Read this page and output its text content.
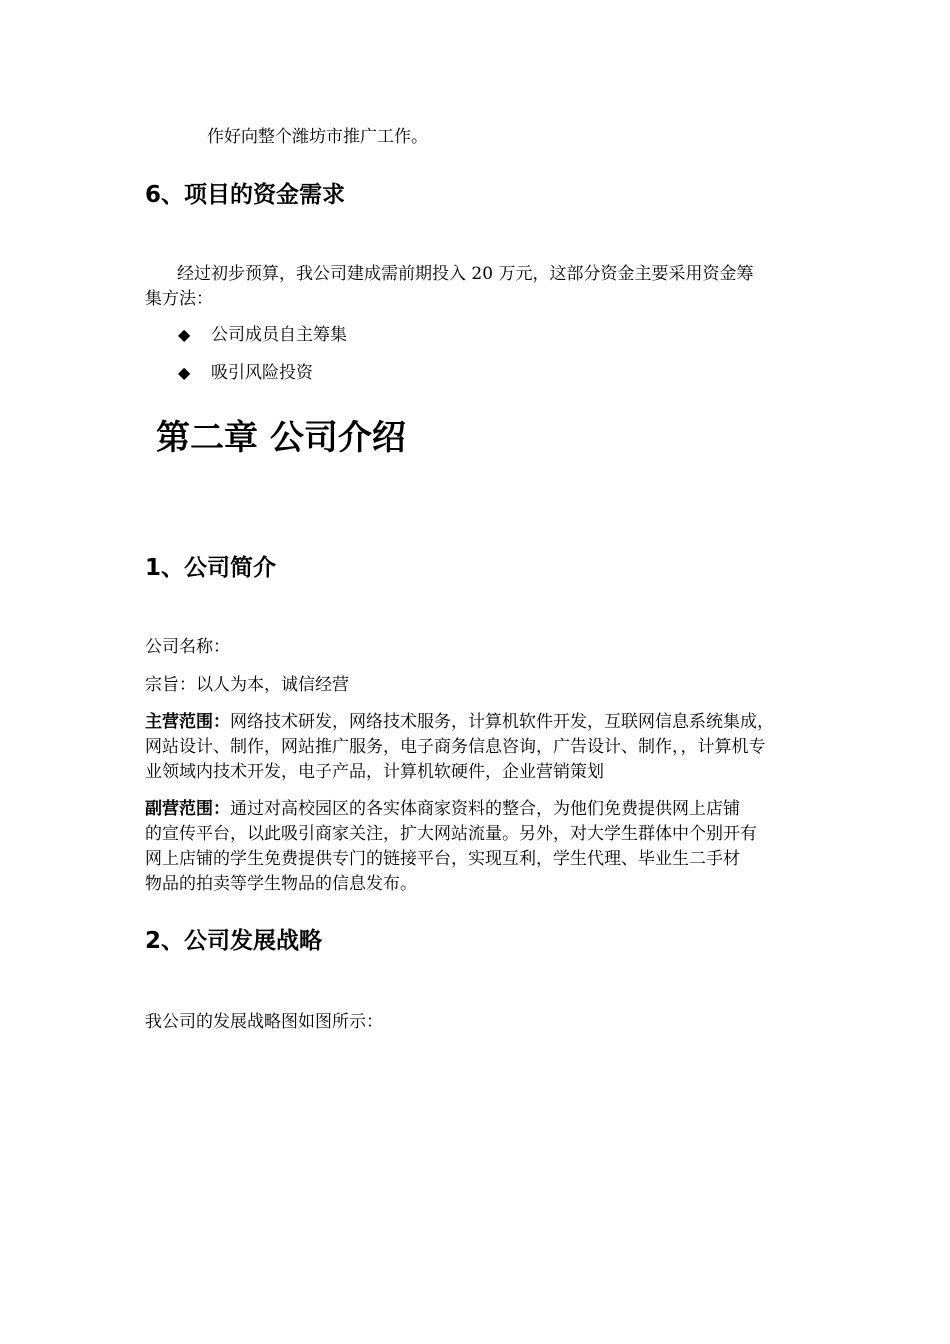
作好向整个潍坊市推广工作。

6、项目的资金需求

经过初步预算，我公司建成需前期投入 20 万元，这部分资金主要采用资金筹

集方法：

◆ 公司成员自主筹集

◆ 吸引风险投资

第二章 公司介绍
1、公司简介

公司名称：

宗旨：以人为本，诚信经营

主营范围：网络技术研发，网络技术服务，计算机软件开发，互联网信息系统集成，

网站设计、制作，网站推广服务，电子商务信息咨询，广告设计、制作，，计算机专

业领域内技术开发，电子产品，计算机软硬件，企业营销策划

副营范围：通过对高校园区的各实体商家资料的整合，为他们免费提供网上店铺

的宣传平台，以此吸引商家关注，扩大网站流量。另外，对大学生群体中个别开有

网上店铺的学生免费提供专门的链接平台，实现互利，学生代理、毕业生二手材

物品的拍卖等学生物品的信息发布。

2、公司发展战略

我公司的发展战略图如图所示：
